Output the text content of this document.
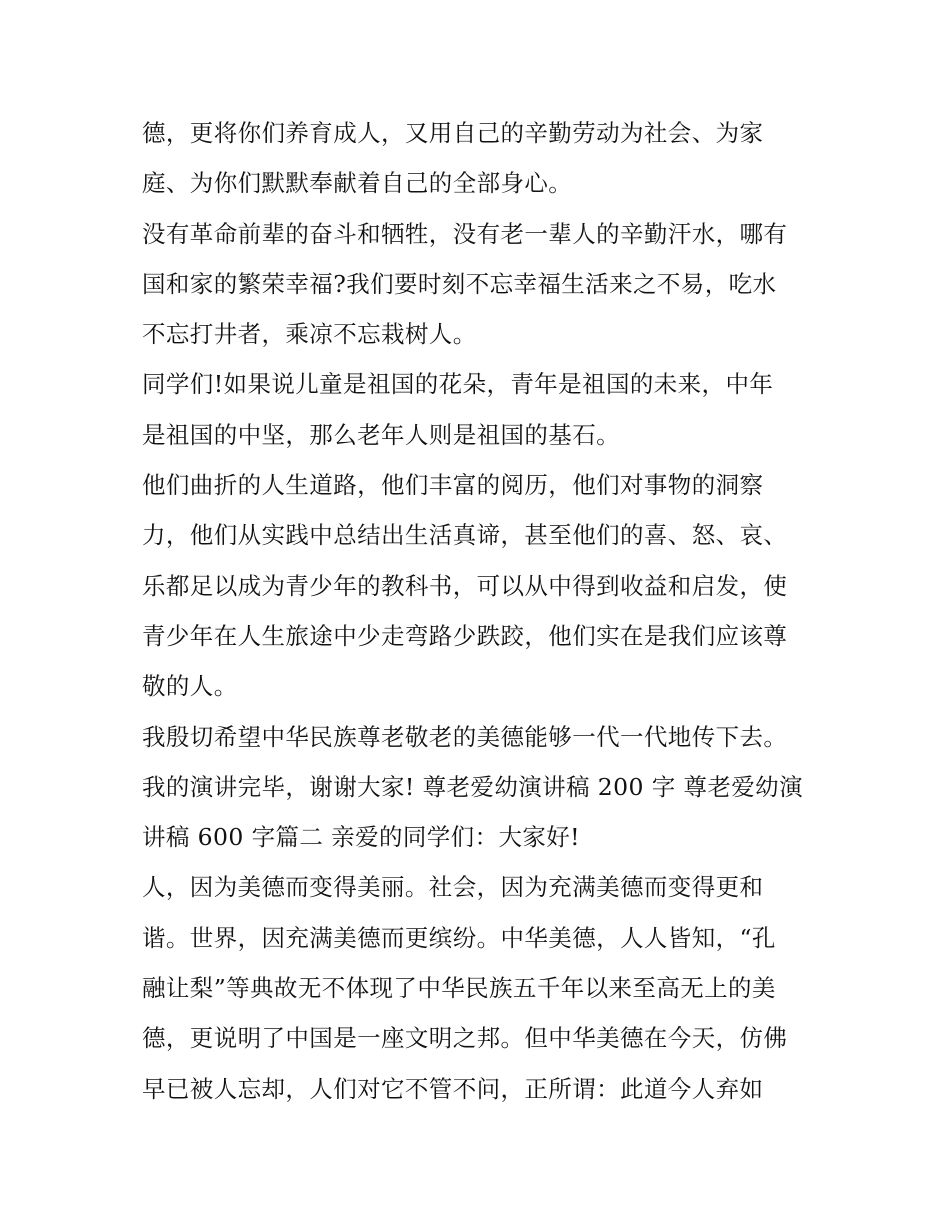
德，更将你们养育成人，又用自己的辛勤劳动为社会、为家
庭、为你们默默奉献着自己的全部身心。
没有革命前辈的奋斗和牺牲，没有老一辈人的辛勤汗水，哪有
国和家的繁荣幸福?我们要时刻不忘幸福生活来之不易，吃水
不忘打井者，乘凉不忘栽树人。
同学们!如果说儿童是祖国的花朵，青年是祖国的未来，中年
是祖国的中坚，那么老年人则是祖国的基石。
他们曲折的人生道路，他们丰富的阅历，他们对事物的洞察
力，他们从实践中总结出生活真谛，甚至他们的喜、怒、哀、
乐都足以成为青少年的教科书，可以从中得到收益和启发，使
青少年在人生旅途中少走弯路少跌跤，他们实在是我们应该尊
敬的人。
我殷切希望中华民族尊老敬老的美德能够一代一代地传下去。
我的演讲完毕，谢谢大家! 尊老爱幼演讲稿 200 字 尊老爱幼演
讲稿 600 字篇二 亲爱的同学们：大家好!
人，因为美德而变得美丽。社会，因为充满美德而变得更和
谐。世界，因充满美德而更缤纷。中华美德，人人皆知，“孔
融让梨”等典故无不体现了中华民族五千年以来至高无上的美
德，更说明了中国是一座文明之邦。但中华美德在今天，仿佛
早已被人忘却，人们对它不管不问，正所谓：此道今人弃如
